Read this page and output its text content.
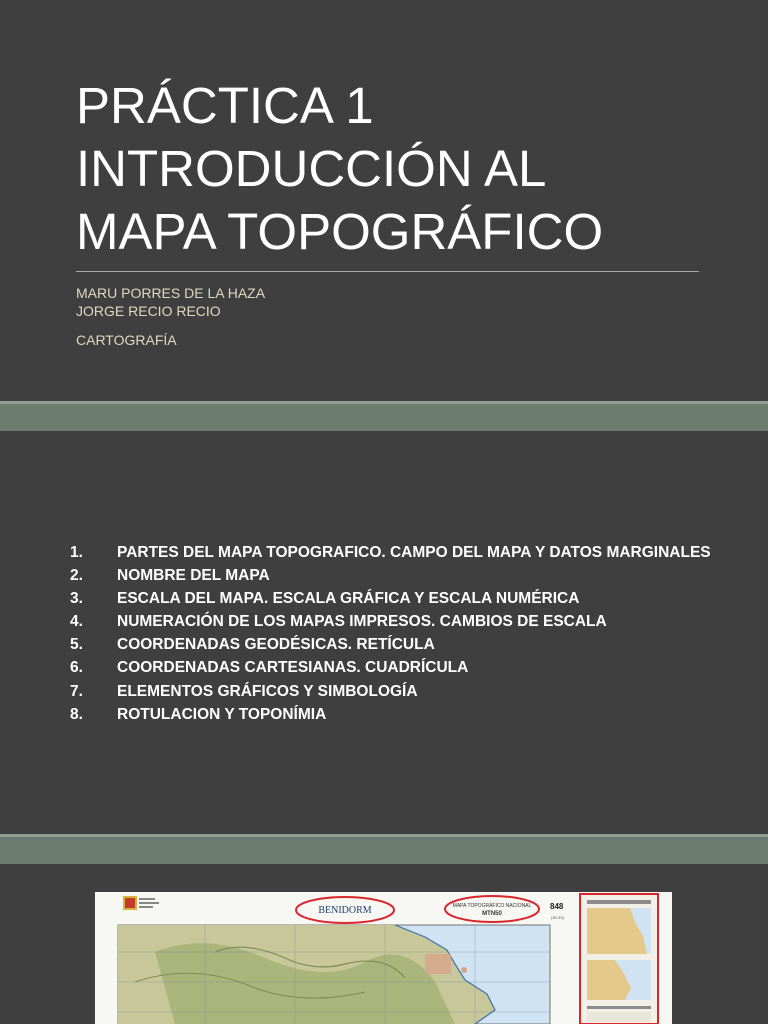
PRÁCTICA 1
INTRODUCCIÓN AL
MAPA TOPOGRÁFICO
MARU PORRES DE LA HAZA
JORGE RECIO RECIO
CARTOGRAFÍA
1. PARTES DEL MAPA TOPOGRAFICO. CAMPO DEL MAPA Y DATOS MARGINALES
2. NOMBRE DEL MAPA
3. ESCALA DEL MAPA. ESCALA GRÁFICA Y ESCALA NUMÉRICA
4. NUMERACIÓN DE LOS MAPAS IMPRESOS. CAMBIOS DE ESCALA
5. COORDENADAS GEODÉSICAS. RETÍCULA
6. COORDENADAS CARTESIANAS. CUADRÍCULA
7. ELEMENTOS GRÁFICOS Y SIMBOLOGÍA
8. ROTULACION Y TOPONÍMIA
BENIDORM	MAPA TOPOGRÁFICO NACIONAL
MTN50
848
(30-33)
